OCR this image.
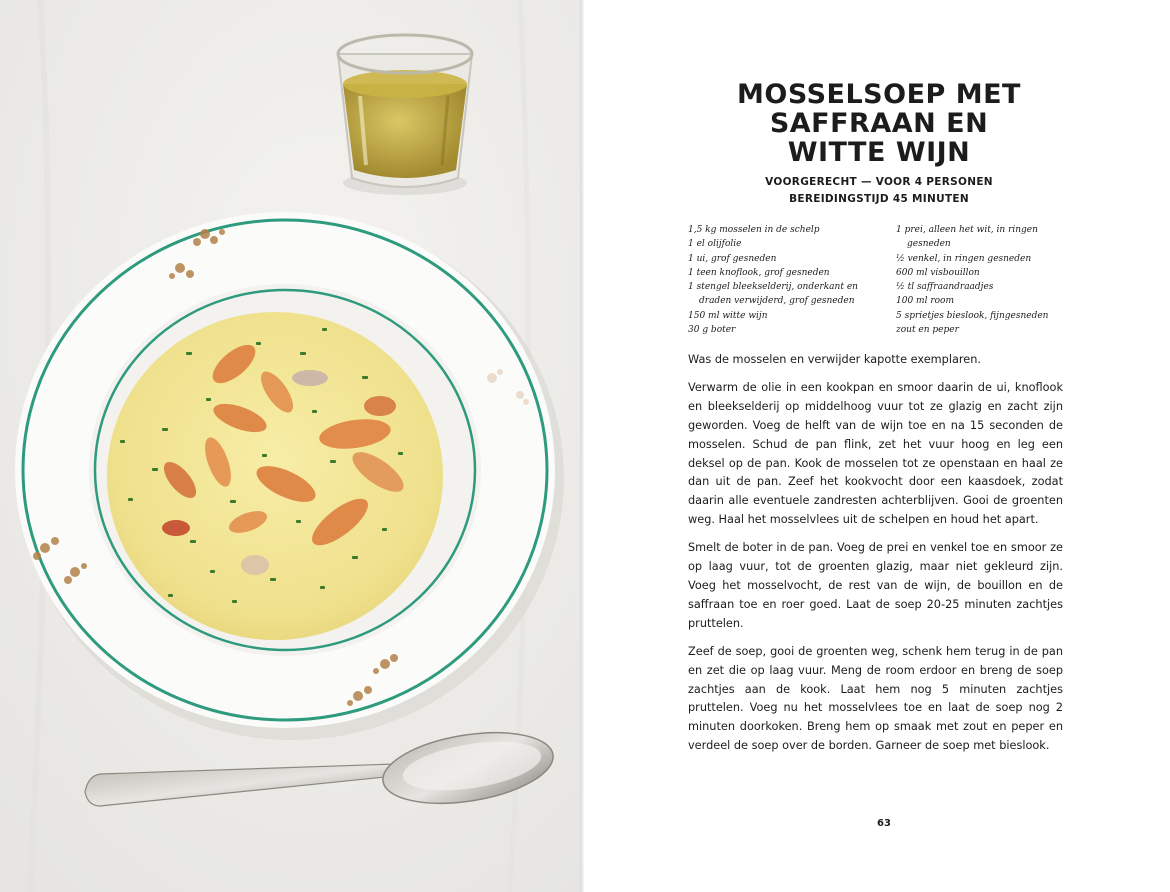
MOSSELSOEP MET
SAFFRAAN EN
WITTE WIJN
VOORGERECHT — VOOR 4 PERSONEN
BEREIDINGSTIJD 45 MINUTEN
1,5 kg mosselen in de schelp
1 el olijfolie
1 ui, grof gesneden
1 teen knoflook, grof gesneden
1 stengel bleekselderij, onderkant en
draden verwijderd, grof gesneden
150 ml witte wijn
30 g boter
1 prei, alleen het wit, in ringen
gesneden
½ venkel, in ringen gesneden
600 ml visbouillon
½ tl saffraandraadjes
100 ml room
5 sprietjes bieslook, fijngesneden
zout en peper

Was de mosselen en verwijder kapotte exemplaren.

Verwarm de olie in een kookpan en smoor daarin de ui, knoflook en bleekselderij op middelhoog vuur tot ze glazig en zacht zijn geworden. Voeg de helft van de wijn toe en na 15 seconden de mosselen. Schud de pan flink, zet het vuur hoog en leg een deksel op de pan. Kook de mosselen tot ze openstaan en haal ze dan uit de pan. Zeef het kookvocht door een kaasdoek, zodat daarin alle eventuele zandresten achterblijven. Gooi de groenten weg. Haal het mosselvlees uit de schelpen en houd het apart.

Smelt de boter in de pan. Voeg de prei en venkel toe en smoor ze op laag vuur, tot de groenten glazig, maar niet gekleurd zijn. Voeg het mosselvocht, de rest van de wijn, de bouillon en de saffraan toe en roer goed. Laat de soep 20-25 minuten zachtjes pruttelen.

Zeef de soep, gooi de groenten weg, schenk hem terug in de pan en zet die op laag vuur. Meng de room erdoor en breng de soep zachtjes aan de kook. Laat hem nog 5 minuten zachtjes pruttelen. Voeg nu het mosselvlees toe en laat de soep nog 2 minuten doorkoken. Breng hem op smaak met zout en peper en verdeel de soep over de borden. Garneer de soep met bieslook.

63
